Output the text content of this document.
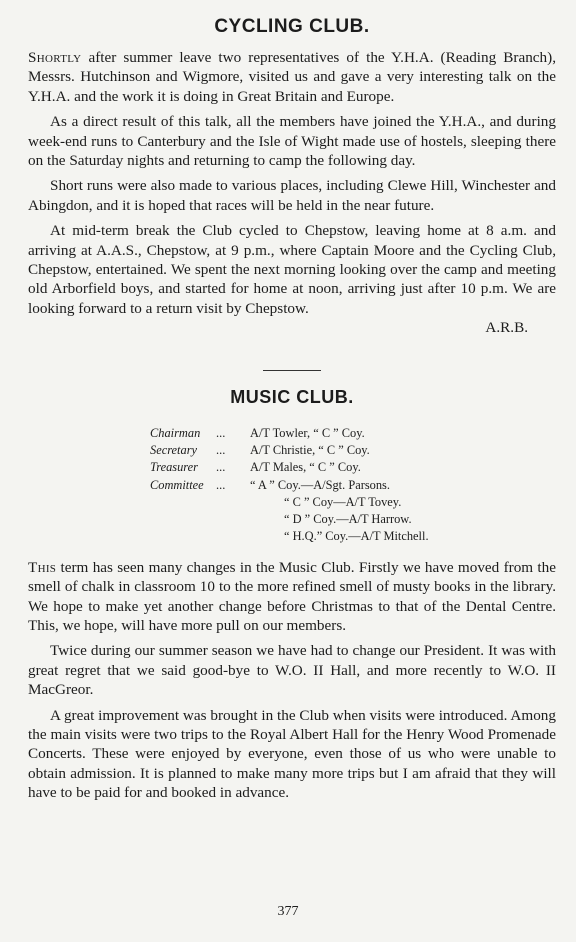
CYCLING CLUB.

Shortly after summer leave two representatives of the Y.H.A. (Reading Branch), Messrs. Hutchinson and Wigmore, visited us and gave a very interesting talk on the Y.H.A. and the work it is doing in Great Britain and Europe.

As a direct result of this talk, all the members have joined the Y.H.A., and during week-end runs to Canterbury and the Isle of Wight made use of hostels, sleeping there on the Saturday nights and returning to camp the following day.

Short runs were also made to various places, including Clewe Hill, Winchester and Abingdon, and it is hoped that races will be held in the near future.

At mid-term break the Club cycled to Chepstow, leaving home at 8 a.m. and arriving at A.A.S., Chepstow, at 9 p.m., where Captain Moore and the Cycling Club, Chepstow, entertained. We spent the next morning looking over the camp and meeting old Arborfield boys, and started for home at noon, arriving just after 10 p.m. We are looking forward to a return visit by Chepstow.

A.R.B.
MUSIC CLUB.
Chairman	...	A/T Towler, “ C ” Coy.
Secretary	...	A/T Christie, “ C ” Coy.
Treasurer	...	A/T Males, “ C ” Coy.
Committee ...	“ A ” Coy.—A/Sgt. Parsons.
“ C ” Coy—A/T Tovey.
“ D ” Coy.—A/T Harrow.
“ H.Q.” Coy.—A/T Mitchell.

This term has seen many changes in the Music Club. Firstly we have moved from the smell of chalk in classroom 10 to the more refined smell of musty books in the library. We hope to make yet another change before Christmas to that of the Dental Centre. This, we hope, will have more pull on our members.

Twice during our summer season we have had to change our President. It was with great regret that we said good-bye to W.O. II Hall, and more recently to W.O. II MacGreor.

A great improvement was brought in the Club when visits were introduced. Among the main visits were two trips to the Royal Albert Hall for the Henry Wood Promenade Concerts. These were enjoyed by everyone, even those of us who were unable to obtain admission. It is planned to make many more trips but I am afraid that they will have to be paid for and booked in advance.

377
